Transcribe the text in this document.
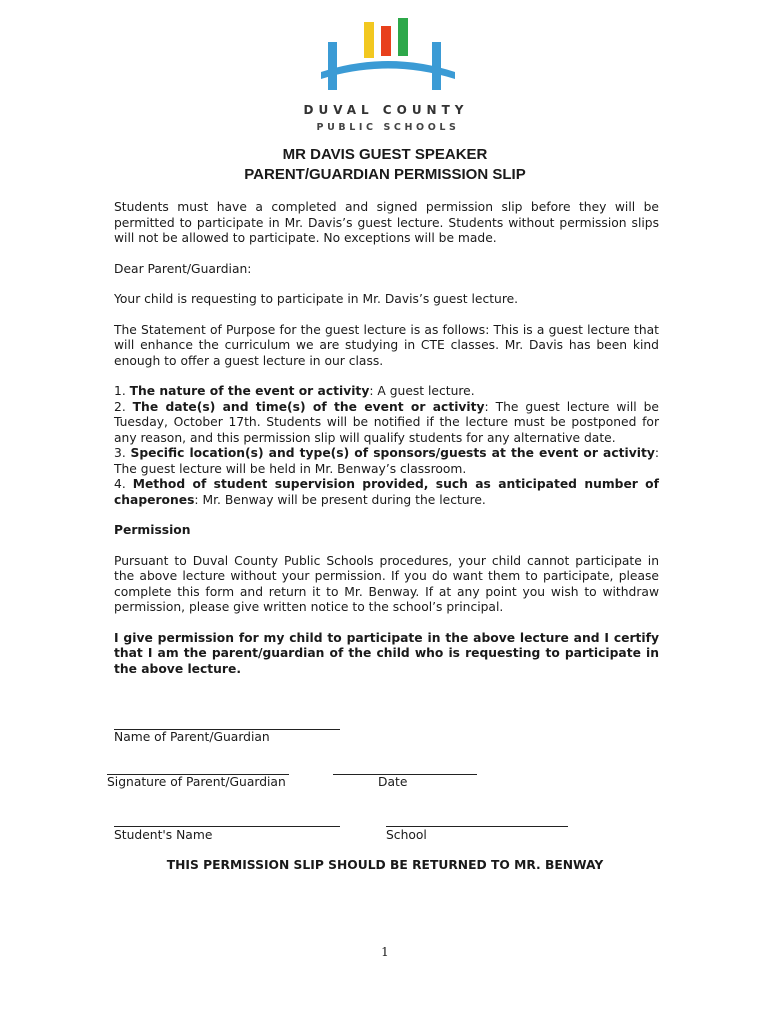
DUVAL COUNTY
PUBLIC SCHOOLS
MR DAVIS GUEST SPEAKER
PARENT/GUARDIAN PERMISSION SLIP

Students must have a completed and signed permission slip before they will be permitted to participate in Mr. Davis’s guest lecture. Students without permission slips will not be allowed to participate. No exceptions will be made.

Dear Parent/Guardian:

Your child is requesting to participate in Mr. Davis’s guest lecture.

The Statement of Purpose for the guest lecture is as follows: This is a guest lecture that will enhance the curriculum we are studying in CTE classes. Mr. Davis has been kind enough to offer a guest lecture in our class.

1. The nature of the event or activity: A guest lecture.

2. The date(s) and time(s) of the event or activity: The guest lecture will be Tuesday, October 17th. Students will be notified if the lecture must be postponed for any reason, and this permission slip will qualify students for any alternative date.

3. Specific location(s) and type(s) of sponsors/guests at the event or activity: The guest lecture will be held in Mr. Benway’s classroom.

4. Method of student supervision provided, such as anticipated number of chaperones: Mr. Benway will be present during the lecture.

Permission

Pursuant to Duval County Public Schools procedures, your child cannot participate in the above lecture without your permission. If you do want them to participate, please complete this form and return it to Mr. Benway. If at any point you wish to withdraw permission, please give written notice to the school’s principal.

I give permission for my child to participate in the above lecture and I certify that I am the parent/guardian of the child who is requesting to participate in the above lecture.

Name of Parent/Guardian
Signature of Parent/Guardian	Date
Student's Name	School
THIS PERMISSION SLIP SHOULD BE RETURNED TO MR. BENWAY
1
